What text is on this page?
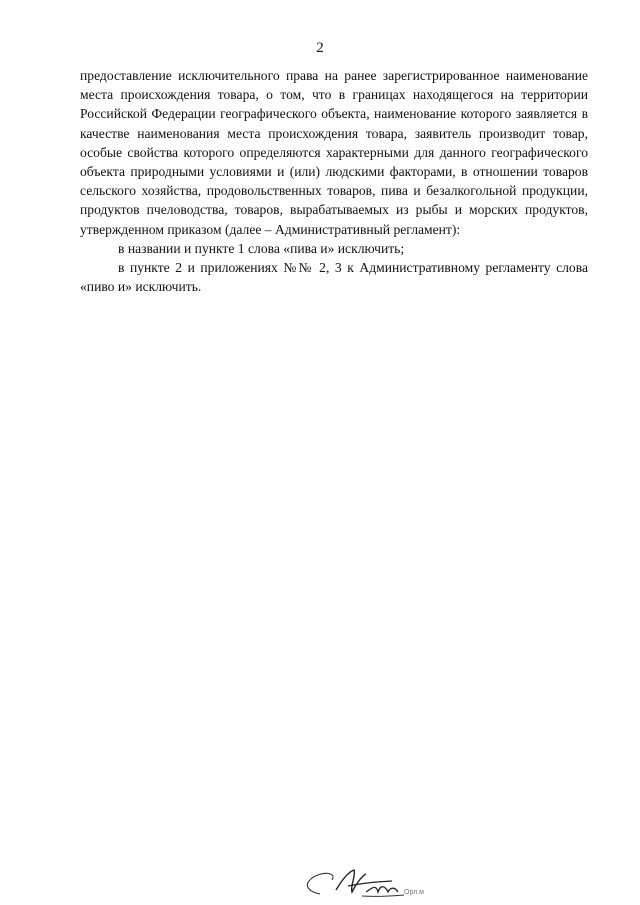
2

предоставление исключительного права на ранее зарегистрированное наименование места происхождения товара, о том, что в границах находящегося на территории Российской Федерации географического объекта, наименование которого заявляется в качестве наименования места происхождения товара, заявитель производит товар, особые свойства которого определяются характерными для данного географического объекта природными условиями и (или) людскими факторами, в отношении товаров сельского хозяйства, продовольственных товаров, пива и безалкогольной продукции, продуктов пчеловодства, товаров, вырабатываемых из рыбы и морских продуктов, утвержденном приказом (далее – Административный регламент):

в названии и пункте 1 слова «пива и» исключить;

в пункте 2 и приложениях №№ 2, 3 к Административному регламенту слова «пиво и» исключить.

Орл.м
